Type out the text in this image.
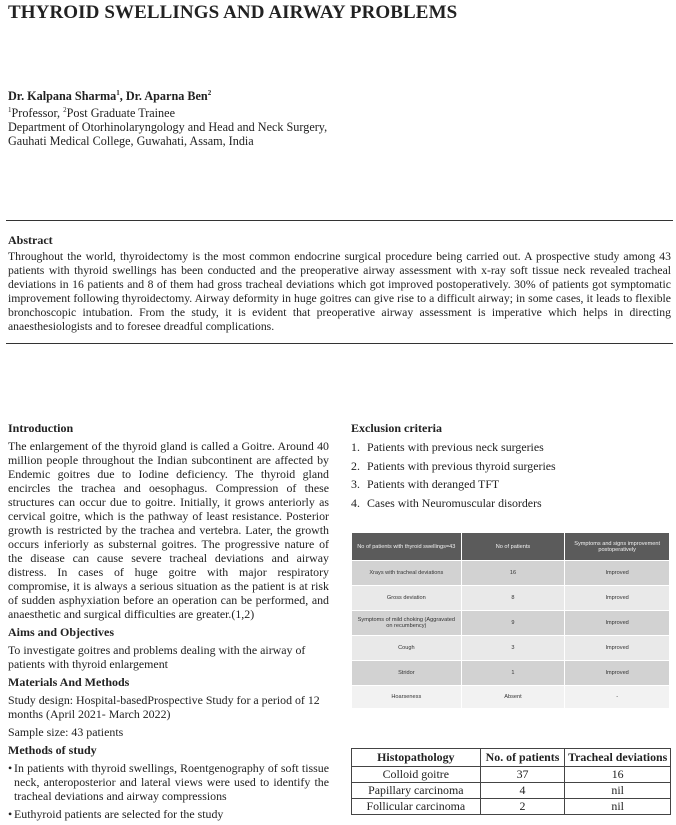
THYROID SWELLINGS AND AIRWAY PROBLEMS
Dr. Kalpana Sharma$^1$, Dr. Aparna Ben$^2$
$^1$Professor, $^2$Post Graduate Trainee
Department of Otorhinolaryngology and Head and Neck Surgery,
Gauhati Medical College, Guwahati, Assam, India
Abstract
Throughout the world, thyroidectomy is the most common endocrine surgical procedure being carried out. A prospective study among 43 patients with thyroid swellings has been conducted and the preoperative airway assessment with x-ray soft tissue neck revealed tracheal deviations in 16 patients and 8 of them had gross tracheal deviations which got improved postoperatively. 30% of patients got symptomatic improvement following thyroidectomy. Airway deformity in huge goitres can give rise to a difficult airway; in some cases, it leads to flexible bronchoscopic intubation. From the study, it is evident that preoperative airway assessment is imperative which helps in directing anaesthesiologists and to foresee dreadful complications.
Introduction

The enlargement of the thyroid gland is called a Goitre. Around 40 million people throughout the Indian subcontinent are affected by Endemic goitres due to Iodine deficiency. The thyroid gland encircles the trachea and oesophagus. Compression of these structures can occur due to goitre. Initially, it grows anteriorly as cervical goitre, which is the pathway of least resistance. Posterior growth is restricted by the trachea and vertebra. Later, the growth occurs inferiorly as substernal goitres. The progressive nature of the disease can cause severe tracheal deviations and airway distress. In cases of huge goitre with major respiratory compromise, it is always a serious situation as the patient is at risk of sudden asphyxiation before an operation can be performed, and anaesthetic and surgical difficulties are greater.(1,2)

Aims and Objectives

To investigate goitres and problems dealing with the airway of patients with thyroid enlargement

Materials And Methods

Study design: Hospital-basedProspective Study for a period of 12 months (April 2021- March 2022)

Sample size: 43 patients

Methods of study
• In patients with thyroid swellings, Roentgenography of soft tissue neck, anteroposterior and lateral views were used to identify the tracheal deviations and airway compressions
• Euthyroid patients are selected for the study
Exclusion criteria
1. Patients with previous neck surgeries
2. Patients with previous thyroid surgeries
3. Patients with deranged TFT
4. Cases with Neuromuscular disorders
No of patients with thyroid swellings=43	No of patients	Symptoms and signs improvement postoperatively
Xrays with tracheal deviations	16	Improved
Gross deviation	8	Improved
Symptoms of mild choking (Aggravated on recumbency)	9	Improved
Cough	3	Improved
Stridor	1	Improved
Hoarseness	Absent	-
Histopathology	No. of patients	Tracheal deviations
Colloid goitre	37	16
Papillary carcinoma	4	nil
Follicular carcinoma	2	nil
